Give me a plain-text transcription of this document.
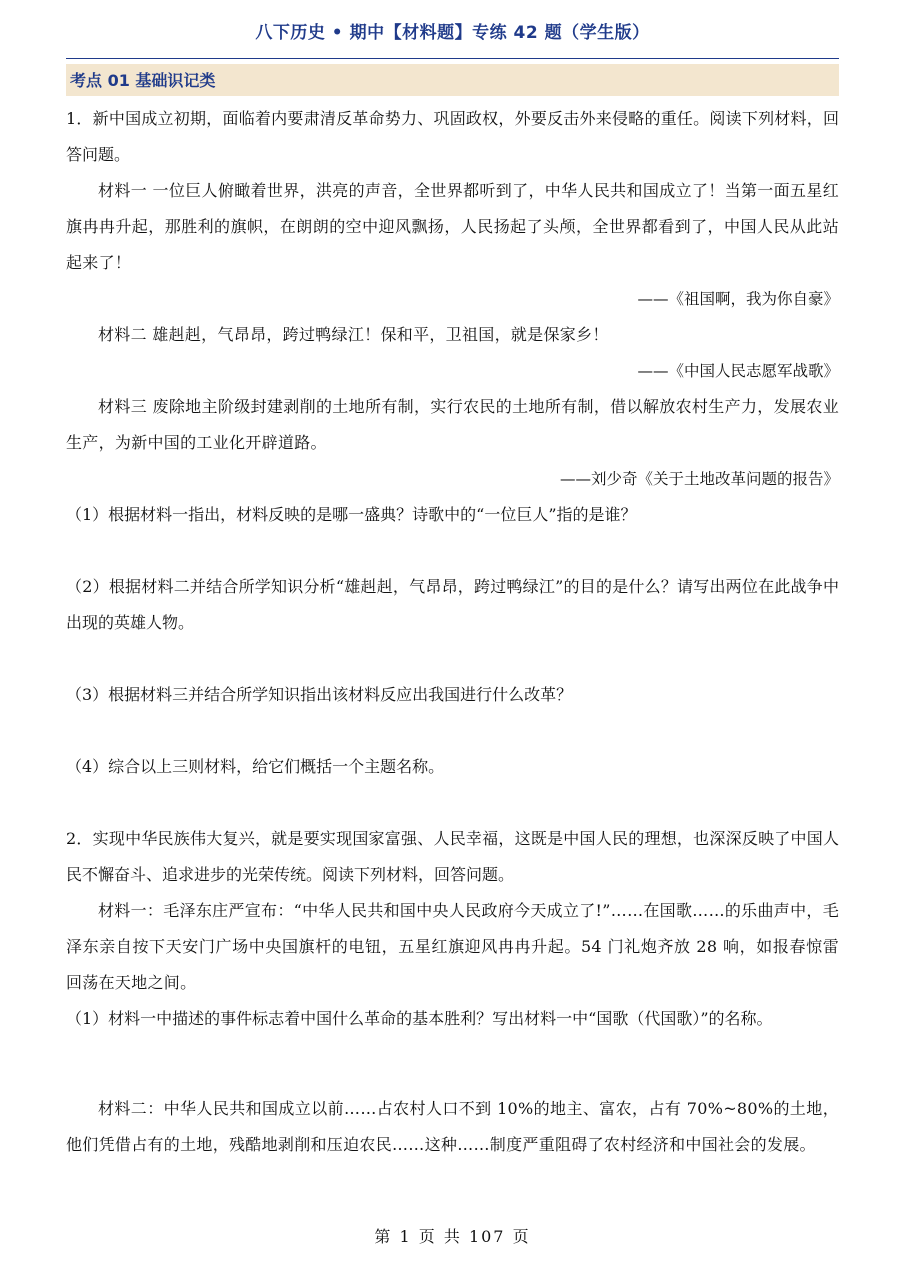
八下历史 • 期中【材料题】专练 42 题（学生版）
考点 01 基础识记类

1．新中国成立初期，面临着内要肃清反革命势力、巩固政权，外要反击外来侵略的重任。阅读下列材料，回答问题。

材料一 一位巨人俯瞰着世界，洪亮的声音，全世界都听到了，中华人民共和国成立了！当第一面五星红旗冉冉升起，那胜利的旗帜，在朗朗的空中迎风飘扬，人民扬起了头颅，全世界都看到了，中国人民从此站起来了！

——《祖国啊，我为你自豪》

材料二 雄赳赳，气昂昂，跨过鸭绿江！保和平，卫祖国，就是保家乡！

——《中国人民志愿军战歌》

材料三 废除地主阶级封建剥削的土地所有制，实行农民的土地所有制，借以解放农村生产力，发展农业生产，为新中国的工业化开辟道路。

——刘少奇《关于土地改革问题的报告》

（1）根据材料一指出，材料反映的是哪一盛典？诗歌中的“一位巨人”指的是谁？

（2）根据材料二并结合所学知识分析“雄赳赳，气昂昂，跨过鸭绿江”的目的是什么？请写出两位在此战争中出现的英雄人物。

（3）根据材料三并结合所学知识指出该材料反应出我国进行什么改革？

（4）综合以上三则材料，给它们概括一个主题名称。

2．实现中华民族伟大复兴，就是要实现国家富强、人民幸福，这既是中国人民的理想，也深深反映了中国人民不懈奋斗、追求进步的光荣传统。阅读下列材料，回答问题。

材料一：毛泽东庄严宣布：“中华人民共和国中央人民政府今天成立了!”……在国歌……的乐曲声中，毛泽东亲自按下天安门广场中央国旗杆的电钮，五星红旗迎风冉冉升起。54 门礼炮齐放 28 响，如报春惊雷回荡在天地之间。

（1）材料一中描述的事件标志着中国什么革命的基本胜利？写出材料一中“国歌（代国歌）”的名称。

材料二：中华人民共和国成立以前……占农村人口不到 10%的地主、富农，占有 70%~80%的土地，他们凭借占有的土地，残酷地剥削和压迫农民……这种……制度严重阻碍了农村经济和中国社会的发展。

第 1 页 共 107 页
